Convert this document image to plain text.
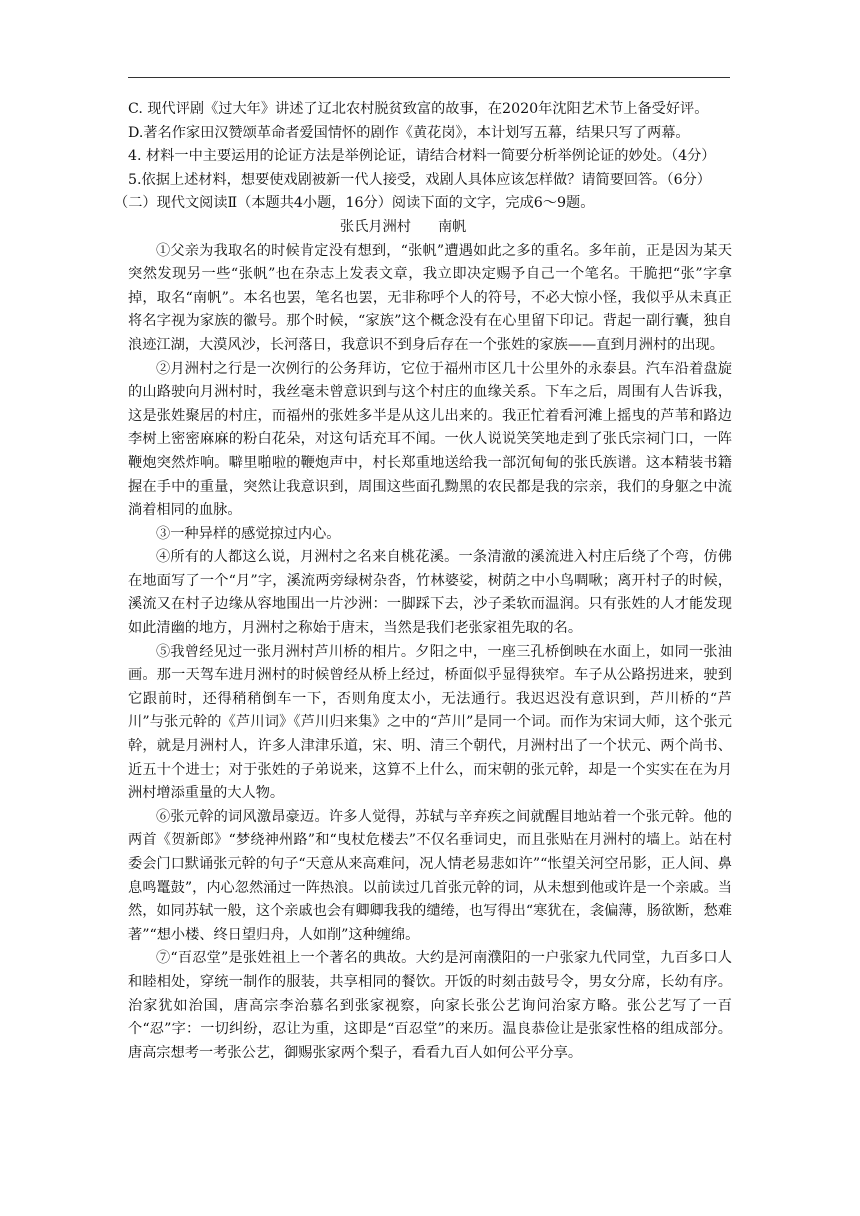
C. 现代评剧《过大年》讲述了辽北农村脱贫致富的故事，在2020年沈阳艺术节上备受好评。

D.著名作家田汉赞颂革命者爱国情怀的剧作《黄花岗》，本计划写五幕，结果只写了两幕。

4. 材料一中主要运用的论证方法是举例论证，请结合材料一简要分析举例论证的妙处。（4分）

5.依据上述材料，想要使戏剧被新一代人接受，戏剧人具体应该怎样做？请简要回答。（6分）

（二）现代文阅读Ⅱ（本题共4小题，16分）阅读下面的文字，完成6～9题。

张氏月洲村      南帆

①父亲为我取名的时候肯定没有想到，“张帆”遭遇如此之多的重名。多年前，正是因为某天突然发现另一些“张帆”也在杂志上发表文章，我立即决定赐予自己一个笔名。干脆把“张”字拿掉，取名“南帆”。本名也罢，笔名也罢，无非称呼个人的符号，不必大惊小怪，我似乎从未真正将名字视为家族的徽号。那个时候，“家族”这个概念没有在心里留下印记。背起一副行囊，独自浪迹江湖，大漠风沙，长河落日，我意识不到身后存在一个张姓的家族——直到月洲村的出现。

②月洲村之行是一次例行的公务拜访，它位于福州市区几十公里外的永泰县。汽车沿着盘旋的山路驶向月洲村时，我丝毫未曾意识到与这个村庄的血缘关系。下车之后，周围有人告诉我，这是张姓聚居的村庄，而福州的张姓多半是从这儿出来的。我正忙着看河滩上摇曳的芦苇和路边李树上密密麻麻的粉白花朵，对这句话充耳不闻。一伙人说说笑笑地走到了张氏宗祠门口，一阵鞭炮突然炸响。噼里啪啦的鞭炮声中，村长郑重地送给我一部沉甸甸的张氏族谱。这本精装书籍握在手中的重量，突然让我意识到，周围这些面孔黝黑的农民都是我的宗亲，我们的身躯之中流淌着相同的血脉。

③一种异样的感觉掠过内心。

④所有的人都这么说，月洲村之名来自桃花溪。一条清澈的溪流进入村庄后绕了个弯，仿佛在地面写了一个“月”字，溪流两旁绿树杂沓，竹林婆娑，树荫之中小鸟啁啾；离开村子的时候，溪流又在村子边缘从容地围出一片沙洲：一脚踩下去，沙子柔软而温润。只有张姓的人才能发现如此清幽的地方，月洲村之称始于唐末，当然是我们老张家祖先取的名。

⑤我曾经见过一张月洲村芦川桥的相片。夕阳之中，一座三孔桥倒映在水面上，如同一张油画。那一天驾车进月洲村的时候曾经从桥上经过，桥面似乎显得狭窄。车子从公路拐进来，驶到它跟前时，还得稍稍倒车一下，否则角度太小，无法通行。我迟迟没有意识到，芦川桥的“芦川”与张元幹的《芦川词》《芦川归来集》之中的“芦川”是同一个词。而作为宋词大师，这个张元幹，就是月洲村人，许多人津津乐道，宋、明、清三个朝代，月洲村出了一个状元、两个尚书、近五十个进士；对于张姓的子弟说来，这算不上什么，而宋朝的张元幹，却是一个实实在在为月洲村增添重量的大人物。

⑥张元幹的词风激昂豪迈。许多人觉得，苏轼与辛弃疾之间就醒目地站着一个张元幹。他的两首《贺新郎》“梦绕神州路”和“曳杖危楼去”不仅名垂词史，而且张贴在月洲村的墙上。站在村委会门口默诵张元幹的句子“天意从来高难问，况人情老易悲如许”“怅望关河空吊影，正人间、鼻息鸣鼍鼓”，内心忽然涌过一阵热浪。以前读过几首张元幹的词，从未想到他或许是一个亲戚。当然，如同苏轼一般，这个亲戚也会有卿卿我我的缱绻，也写得出“寒犹在，衾偏薄，肠欲断，愁难著”“想小楼、终日望归舟，人如削”这种缠绵。

⑦“百忍堂”是张姓祖上一个著名的典故。大约是河南濮阳的一户张家九代同堂，九百多口人和睦相处，穿统一制作的服装，共享相同的餐饮。开饭的时刻击鼓号令，男女分席，长幼有序。治家犹如治国，唐高宗李治慕名到张家视察，向家长张公艺询问治家方略。张公艺写了一百个“忍”字：一切纠纷，忍让为重，这即是“百忍堂”的来历。温良恭俭让是张家性格的组成部分。唐高宗想考一考张公艺，御赐张家两个梨子，看看九百人如何公平分享。
